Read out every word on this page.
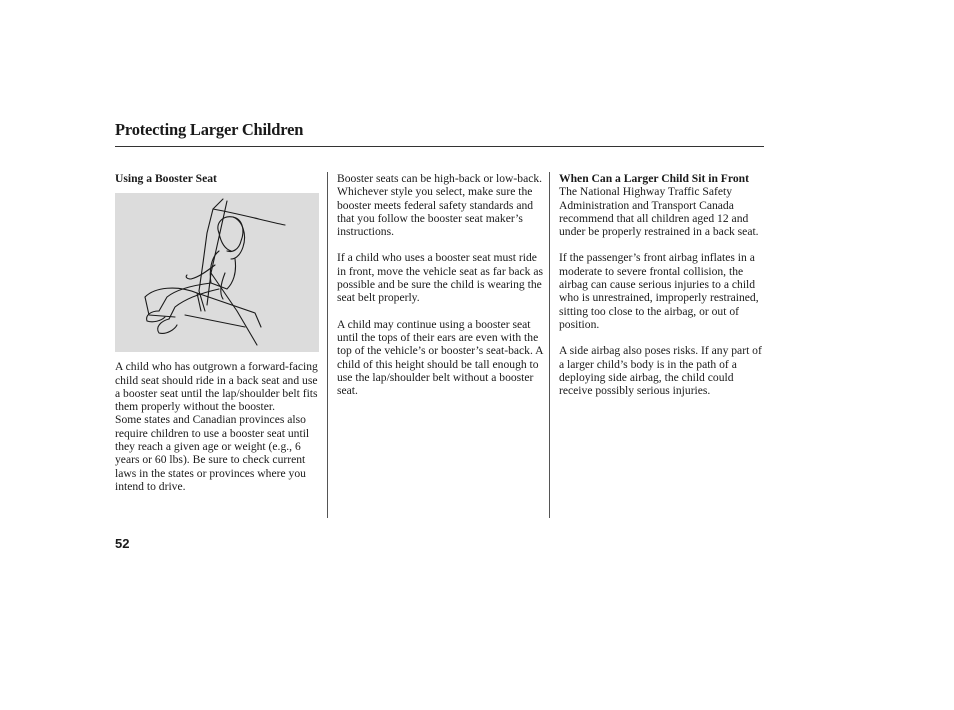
Protecting Larger Children

Using a Booster Seat

A child who has outgrown a forward-facing child seat should ride in a back seat and use a booster seat until the lap/shoulder belt fits them properly without the booster.

Some states and Canadian provinces also require children to use a booster seat until they reach a given age or weight (e.g., 6 years or 60 lbs). Be sure to check current laws in the states or provinces where you intend to drive.

Booster seats can be high-back or low-back. Whichever style you select, make sure the booster meets federal safety standards and that you follow the booster seat maker’s instructions.

If a child who uses a booster seat must ride in front, move the vehicle seat as far back as possible and be sure the child is wearing the seat belt properly.

A child may continue using a booster seat until the tops of their ears are even with the top of the vehicle’s or booster’s seat-back. A child of this height should be tall enough to use the lap/shoulder belt without a booster seat.

When Can a Larger Child Sit in Front

The National Highway Traffic Safety Administration and Transport Canada recommend that all children aged 12 and under be properly restrained in a back seat.

If the passenger’s front airbag inflates in a moderate to severe frontal collision, the airbag can cause serious injuries to a child who is unrestrained, improperly restrained, sitting too close to the airbag, or out of position.

A side airbag also poses risks. If any part of a larger child’s body is in the path of a deploying side airbag, the child could receive possibly serious injuries.

52
